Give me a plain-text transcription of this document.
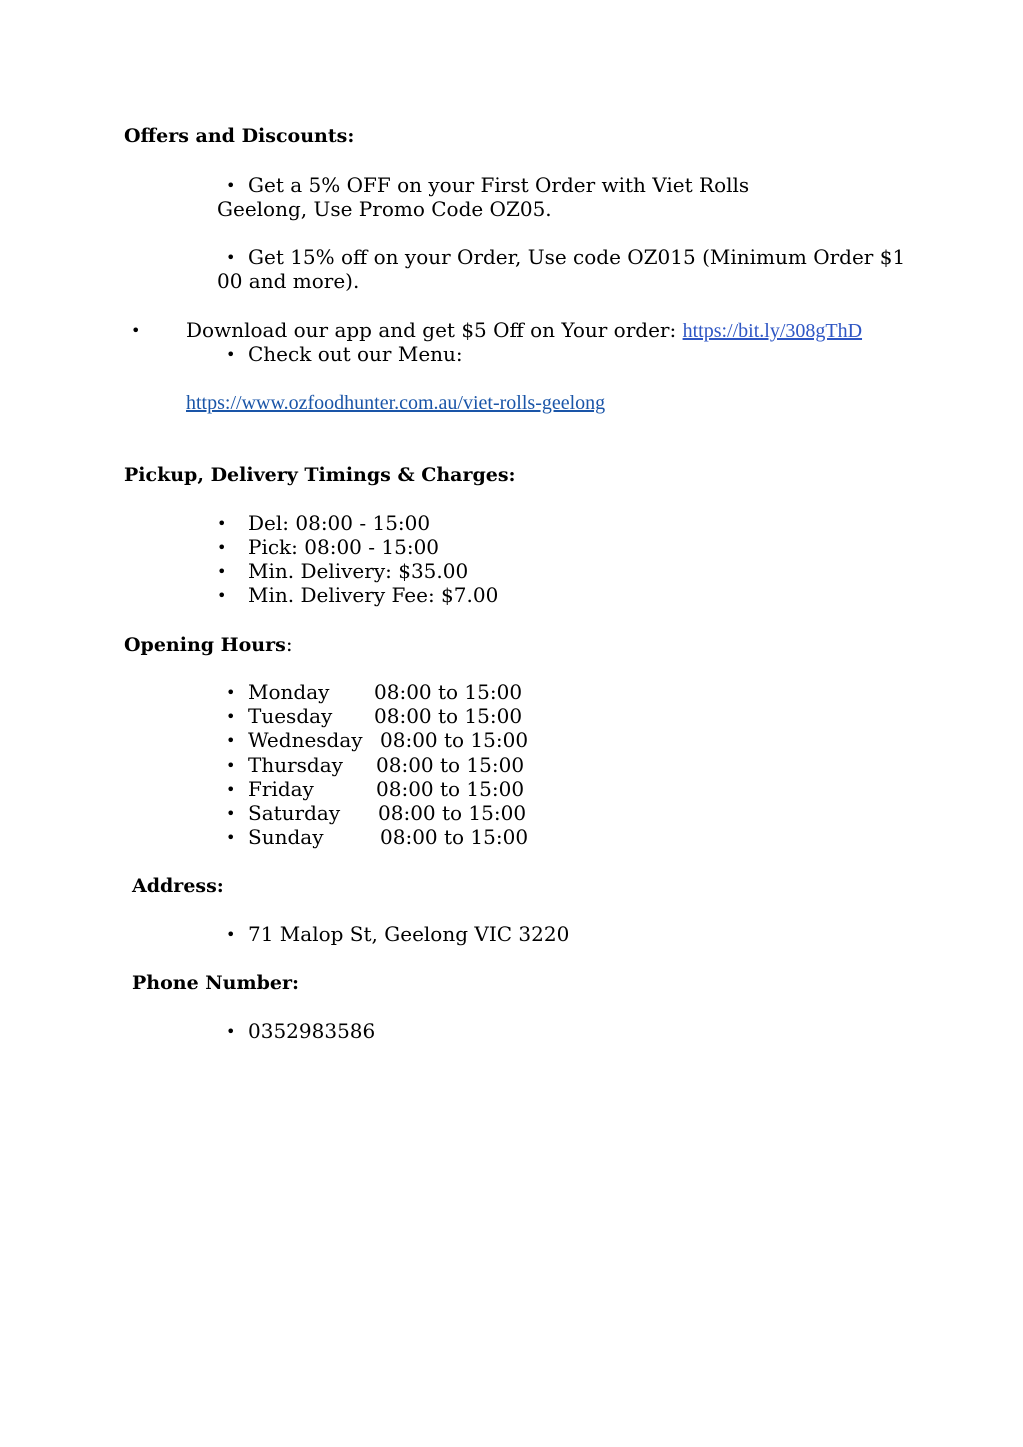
Offers and Discounts:
• Get a 5% OFF on your First Order with Viet Rolls
Geelong, Use Promo Code OZ05.
• Get 15% off on your Order, Use code OZ015 (Minimum Order $1
00 and more).
• Download our app and get $5 Off on Your order: https://bit.ly/308gThD
• Check out our Menu:
https://www.ozfoodhunter.com.au/viet-rolls-geelong
Pickup, Delivery Timings & Charges:
• Del: 08:00 - 15:00
• Pick: 08:00 - 15:00
• Min. Delivery: $35.00
• Min. Delivery Fee: $7.00
Opening Hours:
• Monday 08:00 to 15:00
• Tuesday 08:00 to 15:00
• Wednesday 08:00 to 15:00
• Thursday 08:00 to 15:00
• Friday	08:00 to 15:00
• Saturday 08:00 to 15:00
• Sunday	08:00 to 15:00
Address:
• 71 Malop St, Geelong VIC 3220
Phone Number:
• 0352983586
